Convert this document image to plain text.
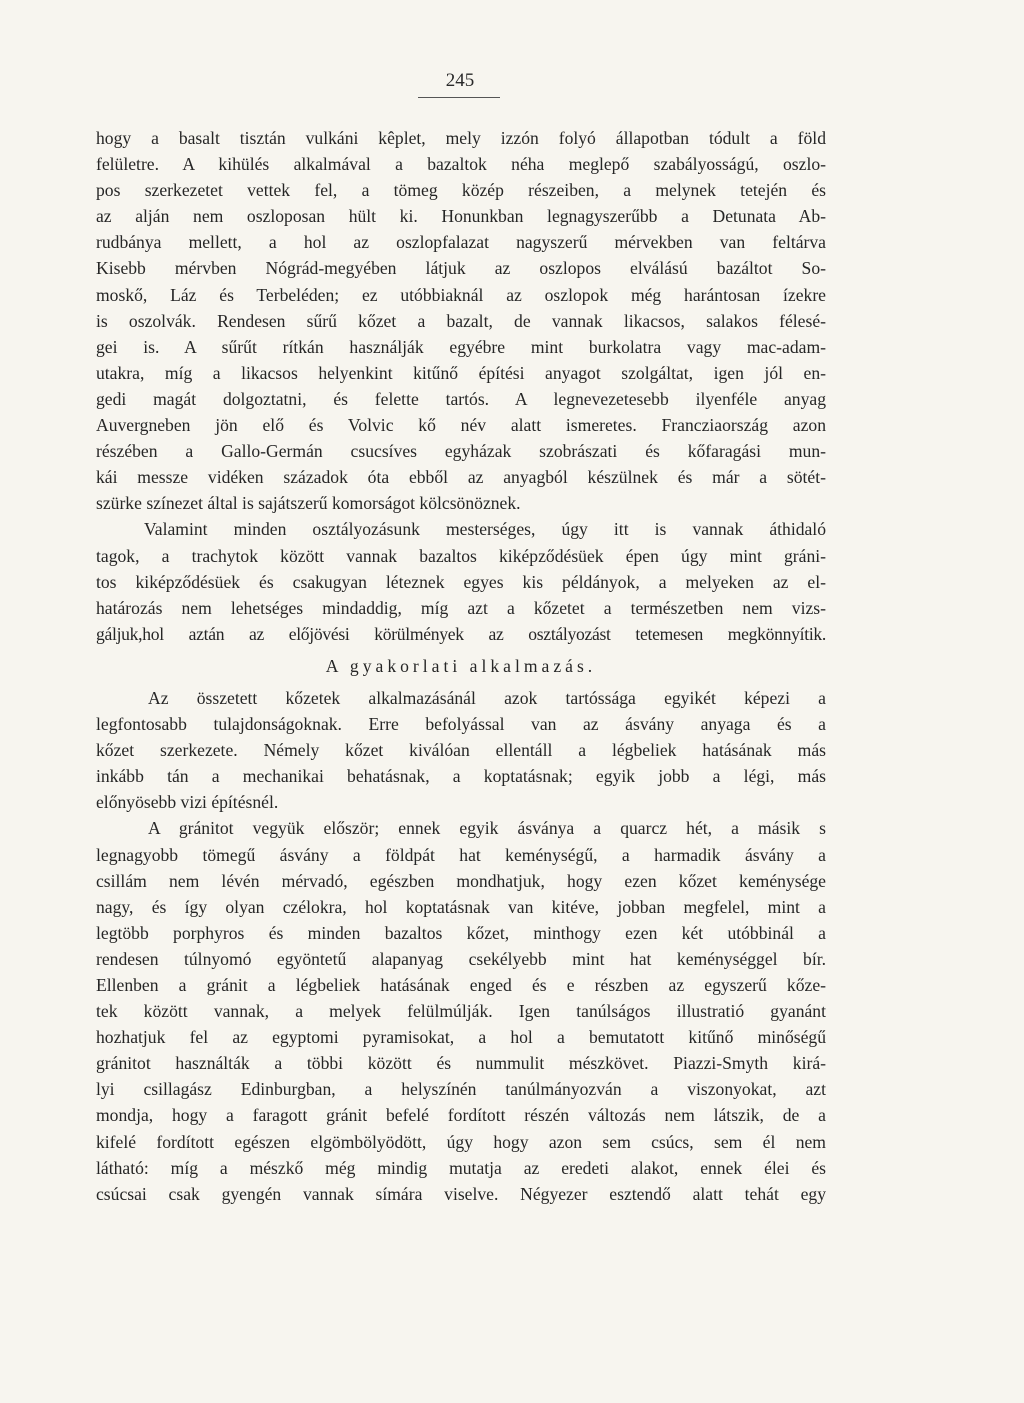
245
hogy a basalt tisztán vulkáni kêplet, mely izzón folyó állapotban tódult a föld
felületre. A kihülés alkalmával a bazaltok néha meglepő szabályosságú, oszlo-
pos szerkezetet vettek fel, a tömeg közép részeiben, a melynek tetején és
az alján nem oszloposan hült ki. Honunkban legnagyszerűbb a Detunata Ab-
rudbánya mellett, a hol az oszlopfalazat nagyszerű mérvekben van feltárva
Kisebb mérvben Nógrád-megyében látjuk az oszlopos elválású bazáltot So-
moskő, Láz és Terbeléden; ez utóbbiaknál az oszlopok még harántosan ízekre
is oszolvák. Rendesen sűrű kőzet a bazalt, de vannak likacsos, salakos félesé-
gei is. A sűrűt rítkán használják egyébre mint burkolatra vagy mac-adam-
utakra, míg a likacsos helyenkint kitűnő építési anyagot szolgáltat, igen jól en-
gedi magát dolgoztatni, és felette tartós. A legnevezetesebb ilyenféle anyag
Auvergneben jön elő és Volvic kő név alatt ismeretes. Francziaország azon
részében a Gallo-Germán csucsíves egyházak szobrászati és kőfaragási mun-
kái messze vidéken századok óta ebből az anyagból készülnek és már a sötét-
szürke színezet által is sajátszerű komorságot kölcsönöznek.
Valamint minden osztályozásunk mesterséges, úgy itt is vannak áthidaló
tagok, a trachytok között vannak bazaltos kiképződésüek épen úgy mint gráni-
tos kiképződésüek és csakugyan léteznek egyes kis példányok, a melyeken az el-
határozás nem lehetséges mindaddig, míg azt a kőzetet a természetben nem vizs-
gáljuk,hol aztán az előjövési körülmények az osztályozást tetemesen megkönnyítik.
A gyakorlati alkalmazás.
Az összetett kőzetek alkalmazásánál azok tartóssága egyikét képezi a
legfontosabb tulajdonságoknak. Erre befolyással van az ásvány anyaga és a
kőzet szerkezete. Némely kőzet kiválóan ellentáll a légbeliek hatásának más
inkább tán a mechanikai behatásnak, a koptatásnak; egyik jobb a légi, más
előnyösebb vizi építésnél.
A gránitot vegyük először; ennek egyik ásványa a quarcz hét, a másik s
legnagyobb tömegű ásvány a földpát hat keménységű, a harmadik ásvány a
csillám nem lévén mérvadó, egészben mondhatjuk, hogy ezen kőzet keménysége
nagy, és így olyan czélokra, hol koptatásnak van kitéve, jobban megfelel, mint a
legtöbb porphyros és minden bazaltos kőzet, minthogy ezen két utóbbinál a
rendesen túlnyomó egyöntetű alapanyag csekélyebb mint hat keménységgel bír.
Ellenben a gránit a légbeliek hatásának enged és e részben az egyszerű kőze-
tek között vannak, a melyek felülmúlják. Igen tanúlságos illustratió gyanánt
hozhatjuk fel az egyptomi pyramisokat, a hol a bemutatott kitűnő minőségű
gránitot használták a többi között és nummulit mészkövet. Piazzi-Smyth kirá-
lyi csillagász Edinburgban, a helyszínén tanúlmányozván a viszonyokat, azt
mondja, hogy a faragott gránit befelé fordított részén változás nem látszik, de a
kifelé fordított egészen elgömbölyödött, úgy hogy azon sem csúcs, sem él nem
látható: míg a mészkő még mindig mutatja az eredeti alakot, ennek élei és
csúcsai csak gyengén vannak símára viselve. Négyezer esztendő alatt tehát egy
